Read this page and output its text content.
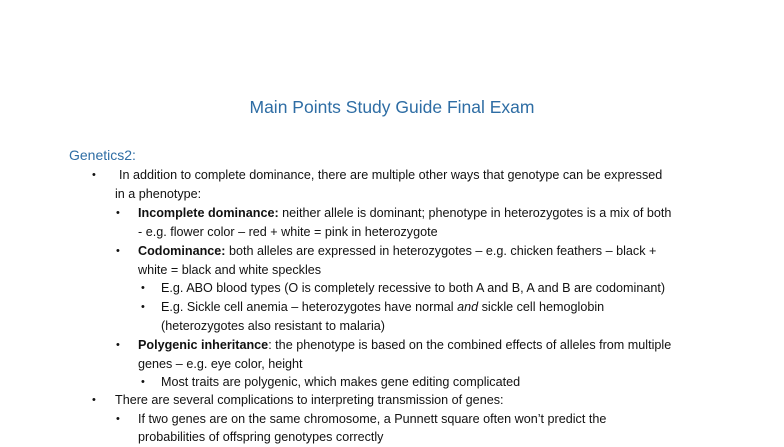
Main Points Study Guide Final Exam
Genetics2:
• In addition to complete dominance, there are multiple other ways that genotype can be expressed
in a phenotype:
• Incomplete dominance: neither allele is dominant; phenotype in heterozygotes is a mix of both
- e.g. flower color – red + white = pink in heterozygote
• Codominance: both alleles are expressed in heterozygotes – e.g. chicken feathers – black +
white = black and white speckles
• E.g. ABO blood types (O is completely recessive to both A and B, A and B are codominant)
• E.g. Sickle cell anemia – heterozygotes have normal and sickle cell hemoglobin
(heterozygotes also resistant to malaria)
• Polygenic inheritance: the phenotype is based on the combined effects of alleles from multiple
genes – e.g. eye color, height
• Most traits are polygenic, which makes gene editing complicated
• There are several complications to interpreting transmission of genes:
• If two genes are on the same chromosome, a Punnett square often won’t predict the
probabilities of offspring genotypes correctly
